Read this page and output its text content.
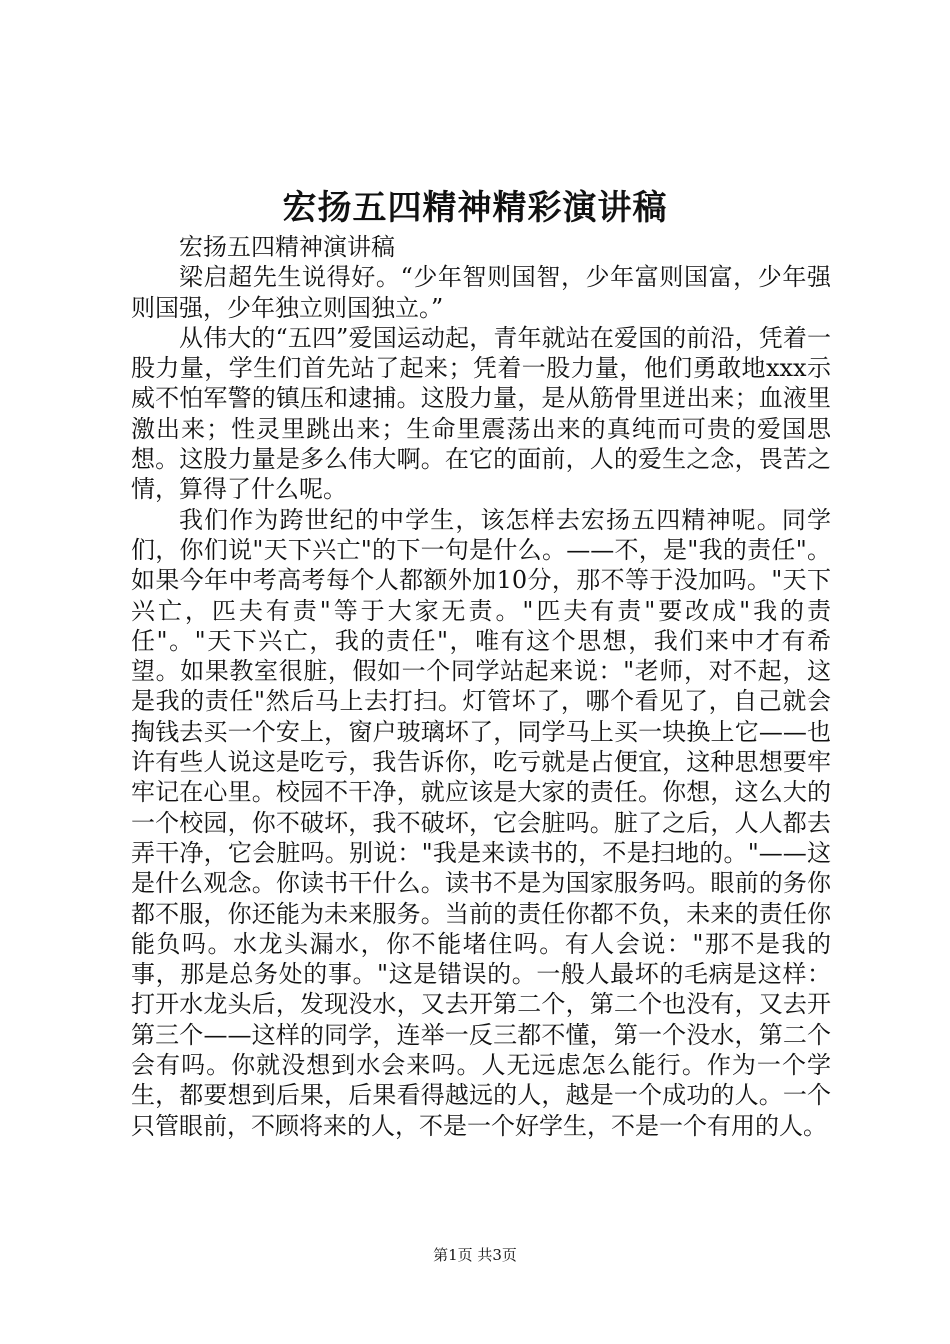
宏扬五四精神精彩演讲稿

宏扬五四精神演讲稿

梁启超先生说得好。“少年智则国智，少年富则国富，少年强则国强，少年独立则国独立。”

从伟大的“五四”爱国运动起，青年就站在爱国的前沿，凭着一股力量，学生们首先站了起来；凭着一股力量，他们勇敢地xxx示威不怕军警的镇压和逮捕。这股力量，是从筋骨里迸出来；血液里激出来；性灵里跳出来；生命里震荡出来的真纯而可贵的爱国思想。这股力量是多么伟大啊。在它的面前，人的爱生之念，畏苦之情，算得了什么呢。

我们作为跨世纪的中学生，该怎样去宏扬五四精神呢。同学们，你们说"天下兴亡"的下一句是什么。——不，是"我的责任"。如果今年中考高考每个人都额外加10分，那不等于没加吗。"天下兴亡，匹夫有责"等于大家无责。"匹夫有责"要改成"我的责任"。"天下兴亡，我的责任"，唯有这个思想，我们来中才有希望。如果教室很脏，假如一个同学站起来说："老师，对不起，这是我的责任"然后马上去打扫。灯管坏了，哪个看见了，自己就会掏钱去买一个安上，窗户玻璃坏了，同学马上买一块换上它——也许有些人说这是吃亏，我告诉你，吃亏就是占便宜，这种思想要牢牢记在心里。校园不干净，就应该是大家的责任。你想，这么大的一个校园，你不破坏，我不破坏，它会脏吗。脏了之后，人人都去弄干净，它会脏吗。别说："我是来读书的，不是扫地的。"——这是什么观念。你读书干什么。读书不是为国家服务吗。眼前的务你都不服，你还能为未来服务。当前的责任你都不负，未来的责任你能负吗。水龙头漏水，你不能堵住吗。有人会说："那不是我的事，那是总务处的事。"这是错误的。一般人最坏的毛病是这样：打开水龙头后，发现没水，又去开第二个，第二个也没有，又去开第三个——这样的同学，连举一反三都不懂，第一个没水，第二个会有吗。你就没想到水会来吗。人无远虑怎么能行。作为一个学生，都要想到后果，后果看得越远的人，越是一个成功的人。一个只管眼前，不顾将来的人，不是一个好学生，不是一个有用的人。

第1页 共3页
